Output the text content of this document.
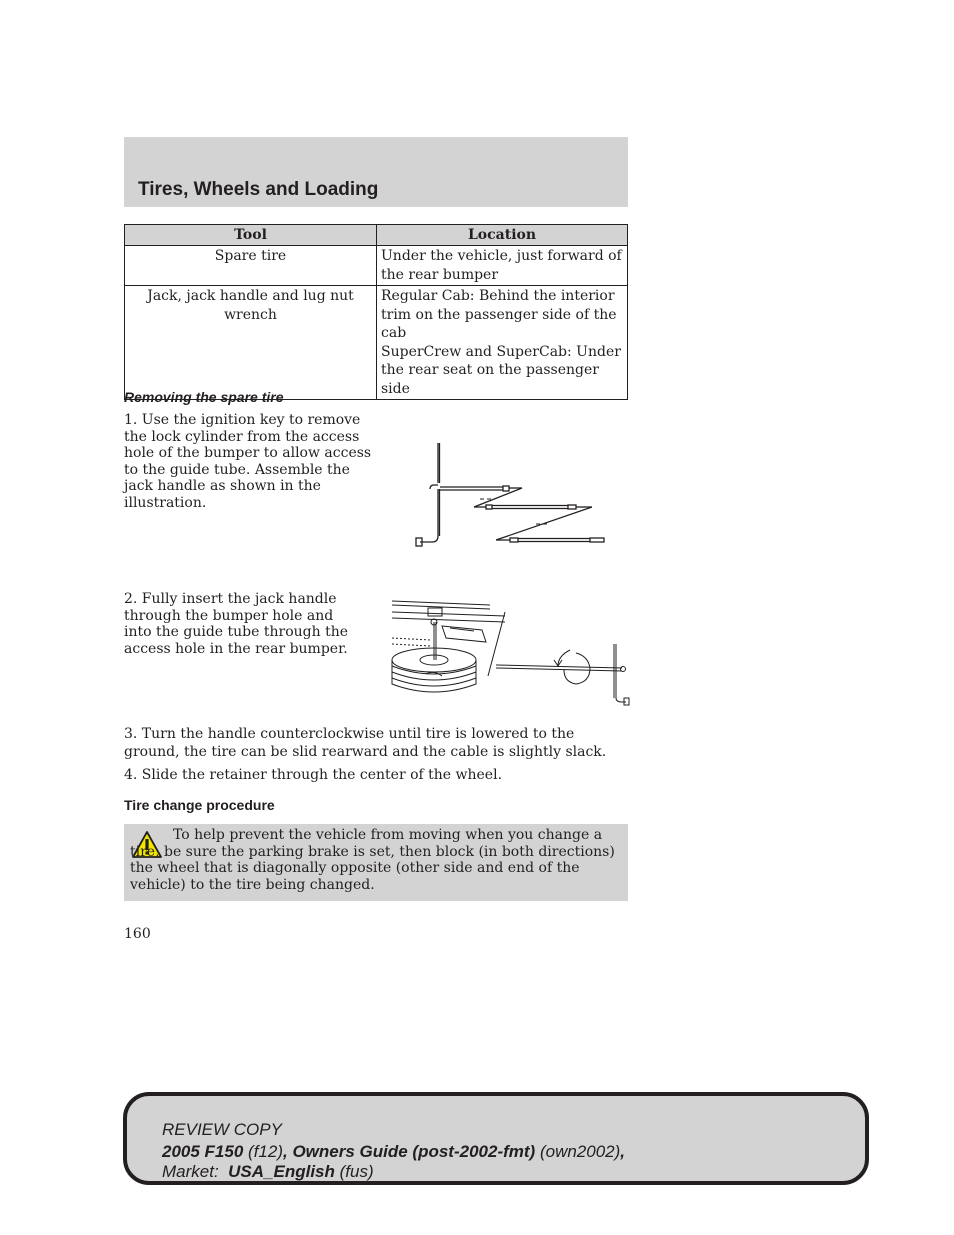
Tires, Wheels and Loading
Tool	Location
Spare tire	Under the vehicle, just forward of the rear bumper

Jack, jack handle and lug nut wrench	Regular Cab: Behind the interior trim on the passenger side of the cab
SuperCrew and SuperCab: Under the rear seat on the passenger side
Removing the spare tire

1. Use the ignition key to remove the lock cylinder from the access hole of the bumper to allow access to the guide tube. Assemble the jack handle as shown in the illustration.

2. Fully insert the jack handle through the bumper hole and into the guide tube through the access hole in the rear bumper.

3. Turn the handle counterclockwise until tire is lowered to the ground, the tire can be slid rearward and the cable is slightly slack.

4. Slide the retainer through the center of the wheel.

Tire change procedure

To help prevent the vehicle from moving when you change a tire, be sure the parking brake is set, then block (in both directions) the wheel that is diagonally opposite (other side and end of the vehicle) to the tire being changed.

160

REVIEW COPY

2005 F150 (f12), Owners Guide (post-2002-fmt) (own2002),

Market: USA_English (fus)
